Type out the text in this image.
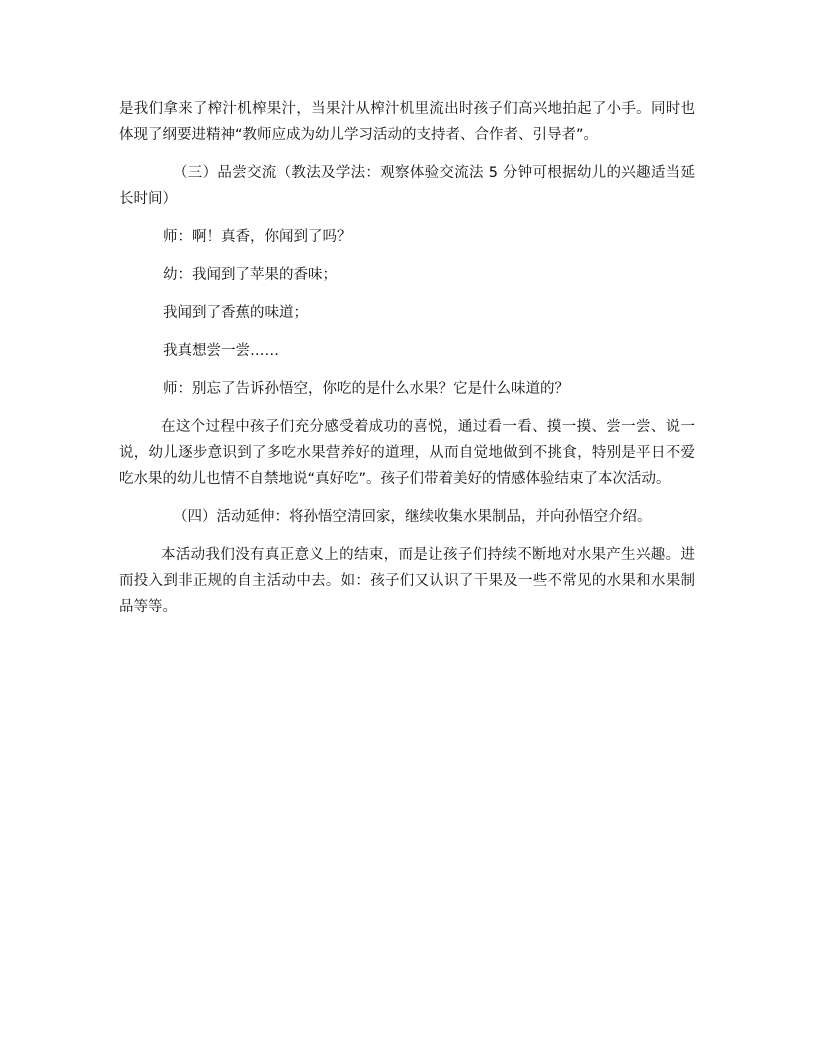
是我们拿来了榨汁机榨果汁，当果汁从榨汁机里流出时孩子们高兴地拍起了小手。同时也体现了纲要进精神“教师应成为幼儿学习活动的支持者、合作者、引导者”。

（三）品尝交流（教法及学法：观察体验交流法 5 分钟可根据幼儿的兴趣适当延长时间）

师：啊！真香，你闻到了吗？

幼：我闻到了苹果的香味；

我闻到了香蕉的味道；

我真想尝一尝……

师：别忘了告诉孙悟空，你吃的是什么水果？它是什么味道的？

在这个过程中孩子们充分感受着成功的喜悦，通过看一看、摸一摸、尝一尝、说一说，幼儿逐步意识到了多吃水果营养好的道理，从而自觉地做到不挑食，特别是平日不爱吃水果的幼儿也情不自禁地说“真好吃”。孩子们带着美好的情感体验结束了本次活动。

（四）活动延伸：将孙悟空清回家，继续收集水果制品，并向孙悟空介绍。

本活动我们没有真正意义上的结束，而是让孩子们持续不断地对水果产生兴趣。进而投入到非正规的自主活动中去。如：孩子们又认识了干果及一些不常见的水果和水果制品等等。
